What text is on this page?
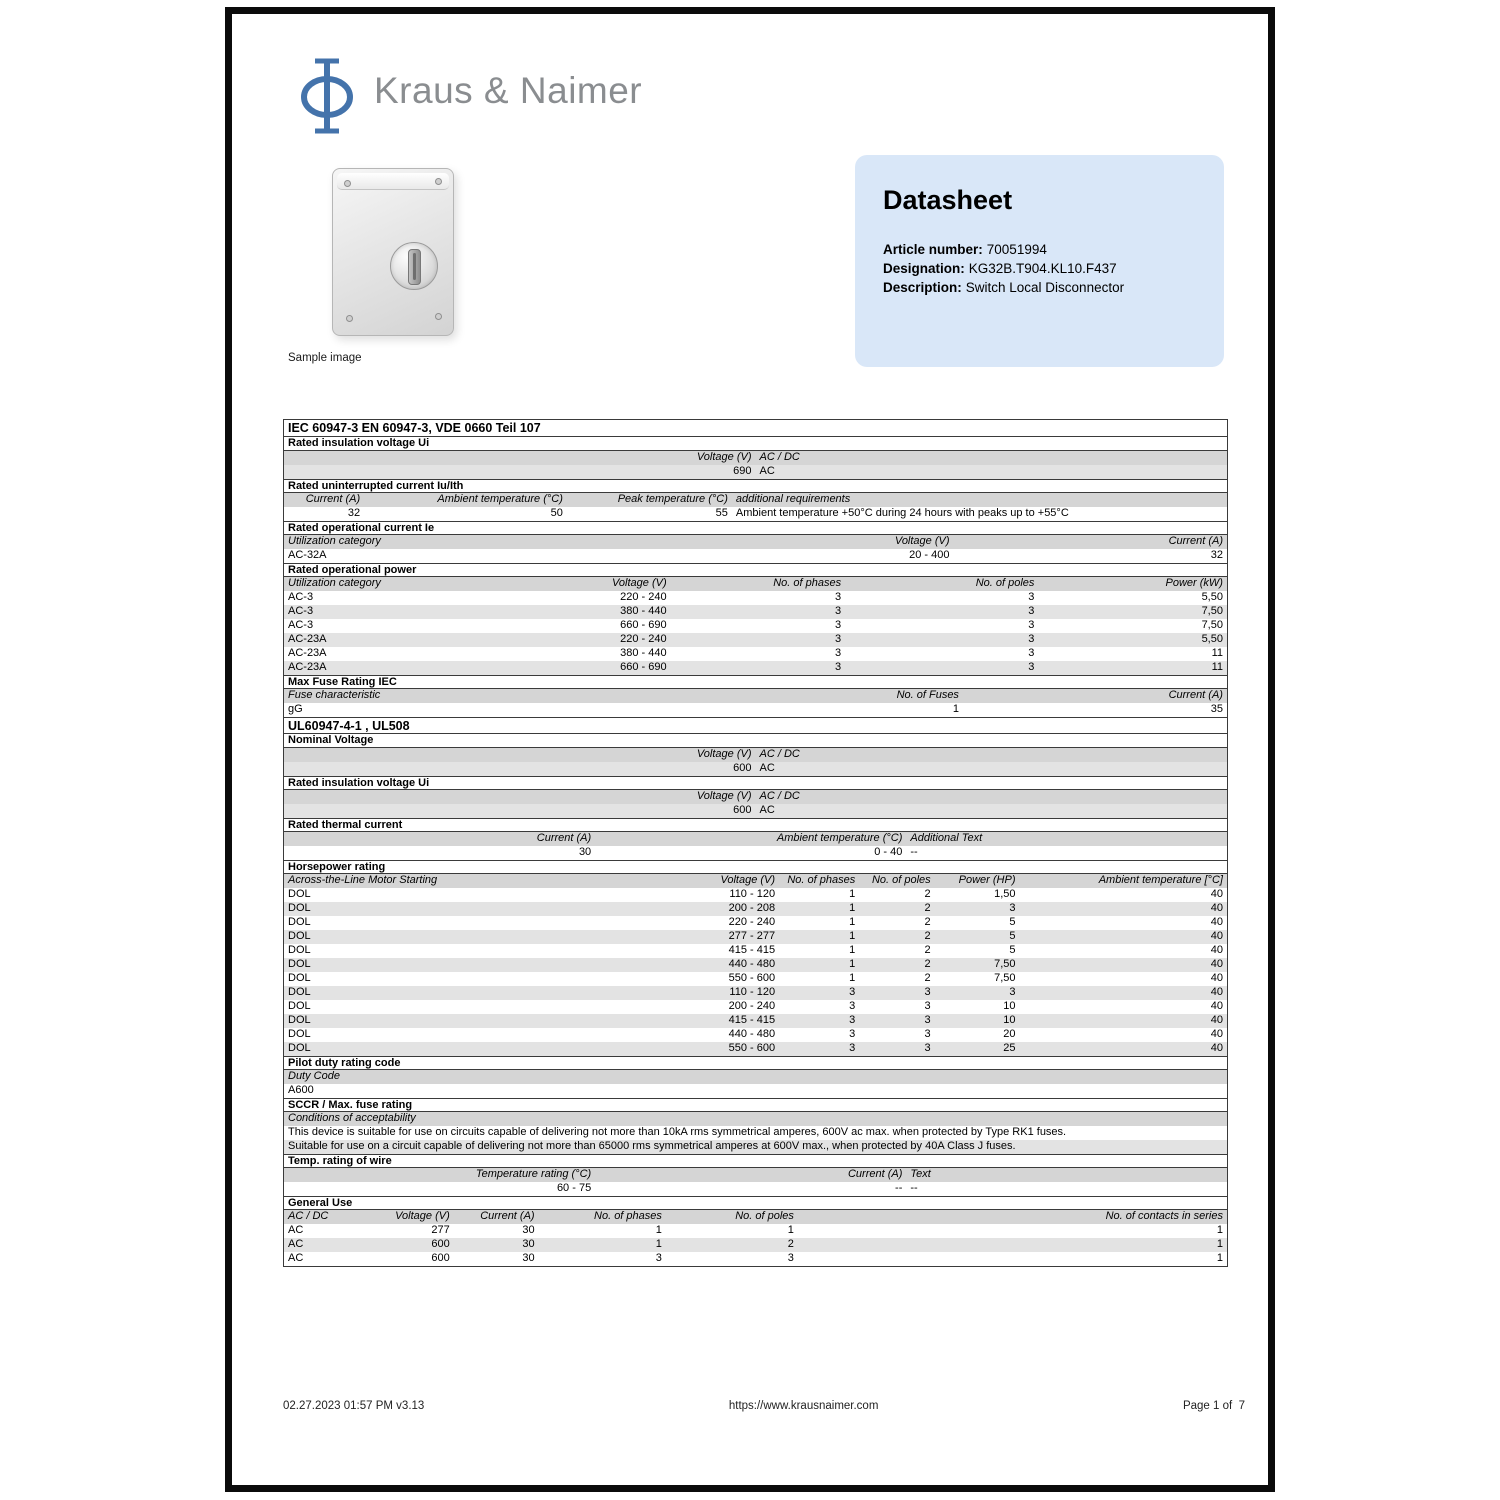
Kraus & Naimer
Sample image
Datasheet
Article number: 70051994
Designation: KG32B.T904.KL10.F437
Description: Switch Local Disconnector
IEC 60947-3 EN 60947-3, VDE 0660 Teil 107
Rated insulation voltage Ui
Voltage (V) AC / DC
690 AC
Rated uninterrupted current Iu/Ith
Current (A)	Ambient temperature (°C)	Peak temperature (°C) additional requirements
32	50	55 Ambient temperature +50°C during 24 hours with peaks up to +55°C
Rated operational current Ie
Utilization category	Voltage (V)	Current (A)
AC-32A	20 - 400	32
Rated operational power
Utilization category	Voltage (V)	No. of phases	No. of poles	Power (kW)
AC-3	220 - 240	3	3	5,50
AC-3	380 - 440	3	3	7,50
AC-3	660 - 690	3	3	7,50
AC-23A	220 - 240	3	3	5,50
AC-23A	380 - 440	3	3	11
AC-23A	660 - 690	3	3	11
Max Fuse Rating IEC
Fuse characteristic	No. of Fuses	Current (A)
gG	1	35
UL60947-4-1 , UL508
Nominal Voltage
Voltage (V) AC / DC
600 AC
Rated insulation voltage Ui
Voltage (V) AC / DC
600 AC
Rated thermal current
Current (A)	Ambient temperature (°C) Additional Text
30	0 - 40 --
Horsepower rating
Across-the-Line Motor Starting	Voltage (V)	No. of phases	No. of poles	Power (HP)	Ambient temperature [°C]
DOL	110 - 120	1	2	1,50	40
DOL	200 - 208	1	2	3	40
DOL	220 - 240	1	2	5	40
DOL	277 - 277	1	2	5	40
DOL	415 - 415	1	2	5	40
DOL	440 - 480	1	2	7,50	40
DOL	550 - 600	1	2	7,50	40
DOL	110 - 120	3	3	3	40
DOL	200 - 240	3	3	10	40
DOL	415 - 415	3	3	10	40
DOL	440 - 480	3	3	20	40
DOL	550 - 600	3	3	25	40
Pilot duty rating code
Duty Code
A600
SCCR / Max. fuse rating
Conditions of acceptability
This device is suitable for use on circuits capable of delivering not more than 10kA rms symmetrical amperes, 600V ac max. when protected by Type RK1 fuses.
Suitable for use on a circuit capable of delivering not more than 65000 rms symmetrical amperes at 600V max., when protected by 40A Class J fuses.
Temp. rating of wire
Temperature rating (°C)	Current (A) Text
60 - 75	-- --
General Use
AC / DC	Voltage (V)	Current (A)	No. of phases	No. of poles	No. of contacts in series
AC	277	30	1	1	1
AC	600	30	1	2	1
AC	600	30	3	3	1
02.27.2023 01:57 PM v3.13	https://www.krausnaimer.com	Page 1 of  7
